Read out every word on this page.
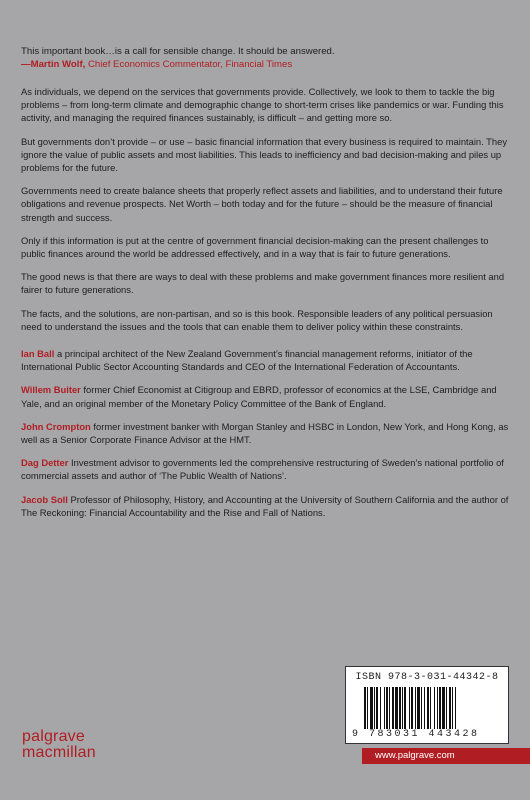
This important book…is a call for sensible change. It should be answered.
—Martin Wolf, Chief Economics Commentator, Financial Times

As individuals, we depend on the services that governments provide. Collectively, we look to them to tackle the big problems – from long-term climate and demographic change to short-term crises like pandemics or war. Funding this activity, and managing the required finances sustainably, is difficult – and getting more so.

But governments don’t provide – or use – basic financial information that every business is required to maintain. They ignore the value of public assets and most liabilities. This leads to inefficiency and bad decision-making and piles up problems for the future.

Governments need to create balance sheets that properly reflect assets and liabilities, and to understand their future obligations and revenue prospects. Net Worth – both today and for the future – should be the measure of financial strength and success.

Only if this information is put at the centre of government financial decision-making can the present challenges to public finances around the world be addressed effectively, and in a way that is fair to future generations.

The good news is that there are ways to deal with these problems and make government finances more resilient and fairer to future generations.

The facts, and the solutions, are non-partisan, and so is this book. Responsible leaders of any political persuasion need to understand the issues and the tools that can enable them to deliver policy within these constraints.

Ian Ball a principal architect of the New Zealand Government’s financial management reforms, initiator of the International Public Sector Accounting Standards and CEO of the International Federation of Accountants.

Willem Buiter former Chief Economist at Citigroup and EBRD, professor of economics at the LSE, Cambridge and Yale, and an original member of the Monetary Policy Committee of the Bank of England.

John Crompton former investment banker with Morgan Stanley and HSBC in London, New York, and Hong Kong, as well as a Senior Corporate Finance Advisor at the HMT.

Dag Detter Investment advisor to governments led the comprehensive restructuring of Sweden’s national portfolio of commercial assets and author of ‘The Public Wealth of Nations’.

Jacob Soll Professor of Philosophy, History, and Accounting at the University of Southern California and the author of The Reckoning: Financial Accountability and the Rise and Fall of Nations.

ISBN 978-3-031-44342-8
9 783031 443428
www.palgrave.com
palgrave
macmillan
